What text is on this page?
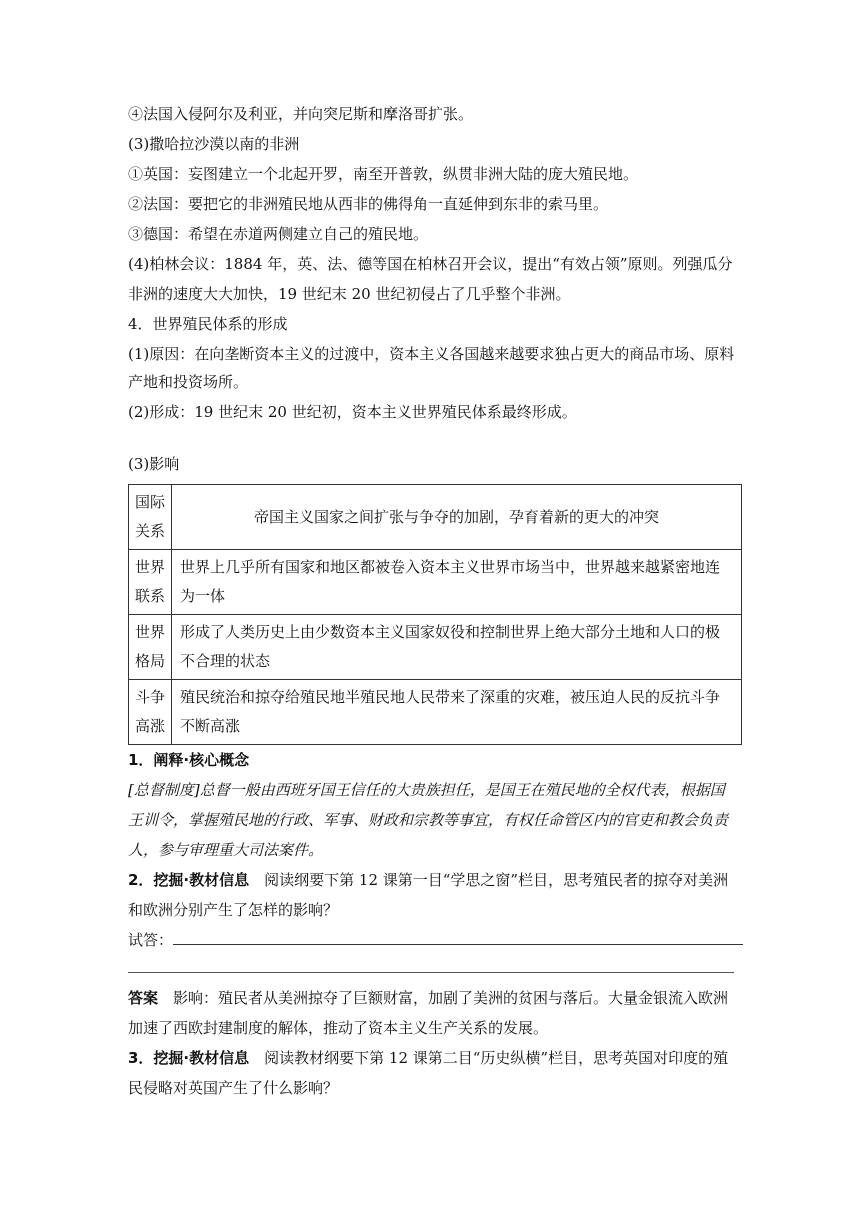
④法国入侵阿尔及利亚，并向突尼斯和摩洛哥扩张。
(3)撒哈拉沙漠以南的非洲
①英国：妄图建立一个北起开罗，南至开普敦，纵贯非洲大陆的庞大殖民地。
②法国：要把它的非洲殖民地从西非的佛得角一直延伸到东非的索马里。
③德国：希望在赤道两侧建立自己的殖民地。
(4)柏林会议：1884 年，英、法、德等国在柏林召开会议，提出“有效占领”原则。列强瓜分
非洲的速度大大加快，19 世纪末 20 世纪初侵占了几乎整个非洲。
4．世界殖民体系的形成
(1)原因：在向垄断资本主义的过渡中，资本主义各国越来越要求独占更大的商品市场、原料
产地和投资场所。
(2)形成：19 世纪末 20 世纪初，资本主义世界殖民体系最终形成。
(3)影响
国际
关系	帝国主义国家之间扩张与争夺的加剧，孕育着新的更大的冲突
世界
联系	世界上几乎所有国家和地区都被卷入资本主义世界市场当中，世界越来越紧密地连为一体
世界
格局	形成了人类历史上由少数资本主义国家奴役和控制世界上绝大部分土地和人口的极不合理的状态
斗争
高涨	殖民统治和掠夺给殖民地半殖民地人民带来了深重的灾难，被压迫人民的反抗斗争不断高涨
1．阐释·核心概念
[总督制度]总督一般由西班牙国王信任的大贵族担任，是国王在殖民地的全权代表，根据国
王训令，掌握殖民地的行政、军事、财政和宗教等事宜，有权任命管区内的官吏和教会负责
人，参与审理重大司法案件。
2．挖掘·教材信息　阅读纲要下第 12 课第一目“学思之窗”栏目，思考殖民者的掠夺对美洲
和欧洲分别产生了怎样的影响？
试答：
答案　影响：殖民者从美洲掠夺了巨额财富，加剧了美洲的贫困与落后。大量金银流入欧洲
加速了西欧封建制度的解体，推动了资本主义生产关系的发展。
3．挖掘·教材信息　阅读教材纲要下第 12 课第二目“历史纵横”栏目，思考英国对印度的殖
民侵略对英国产生了什么影响？
